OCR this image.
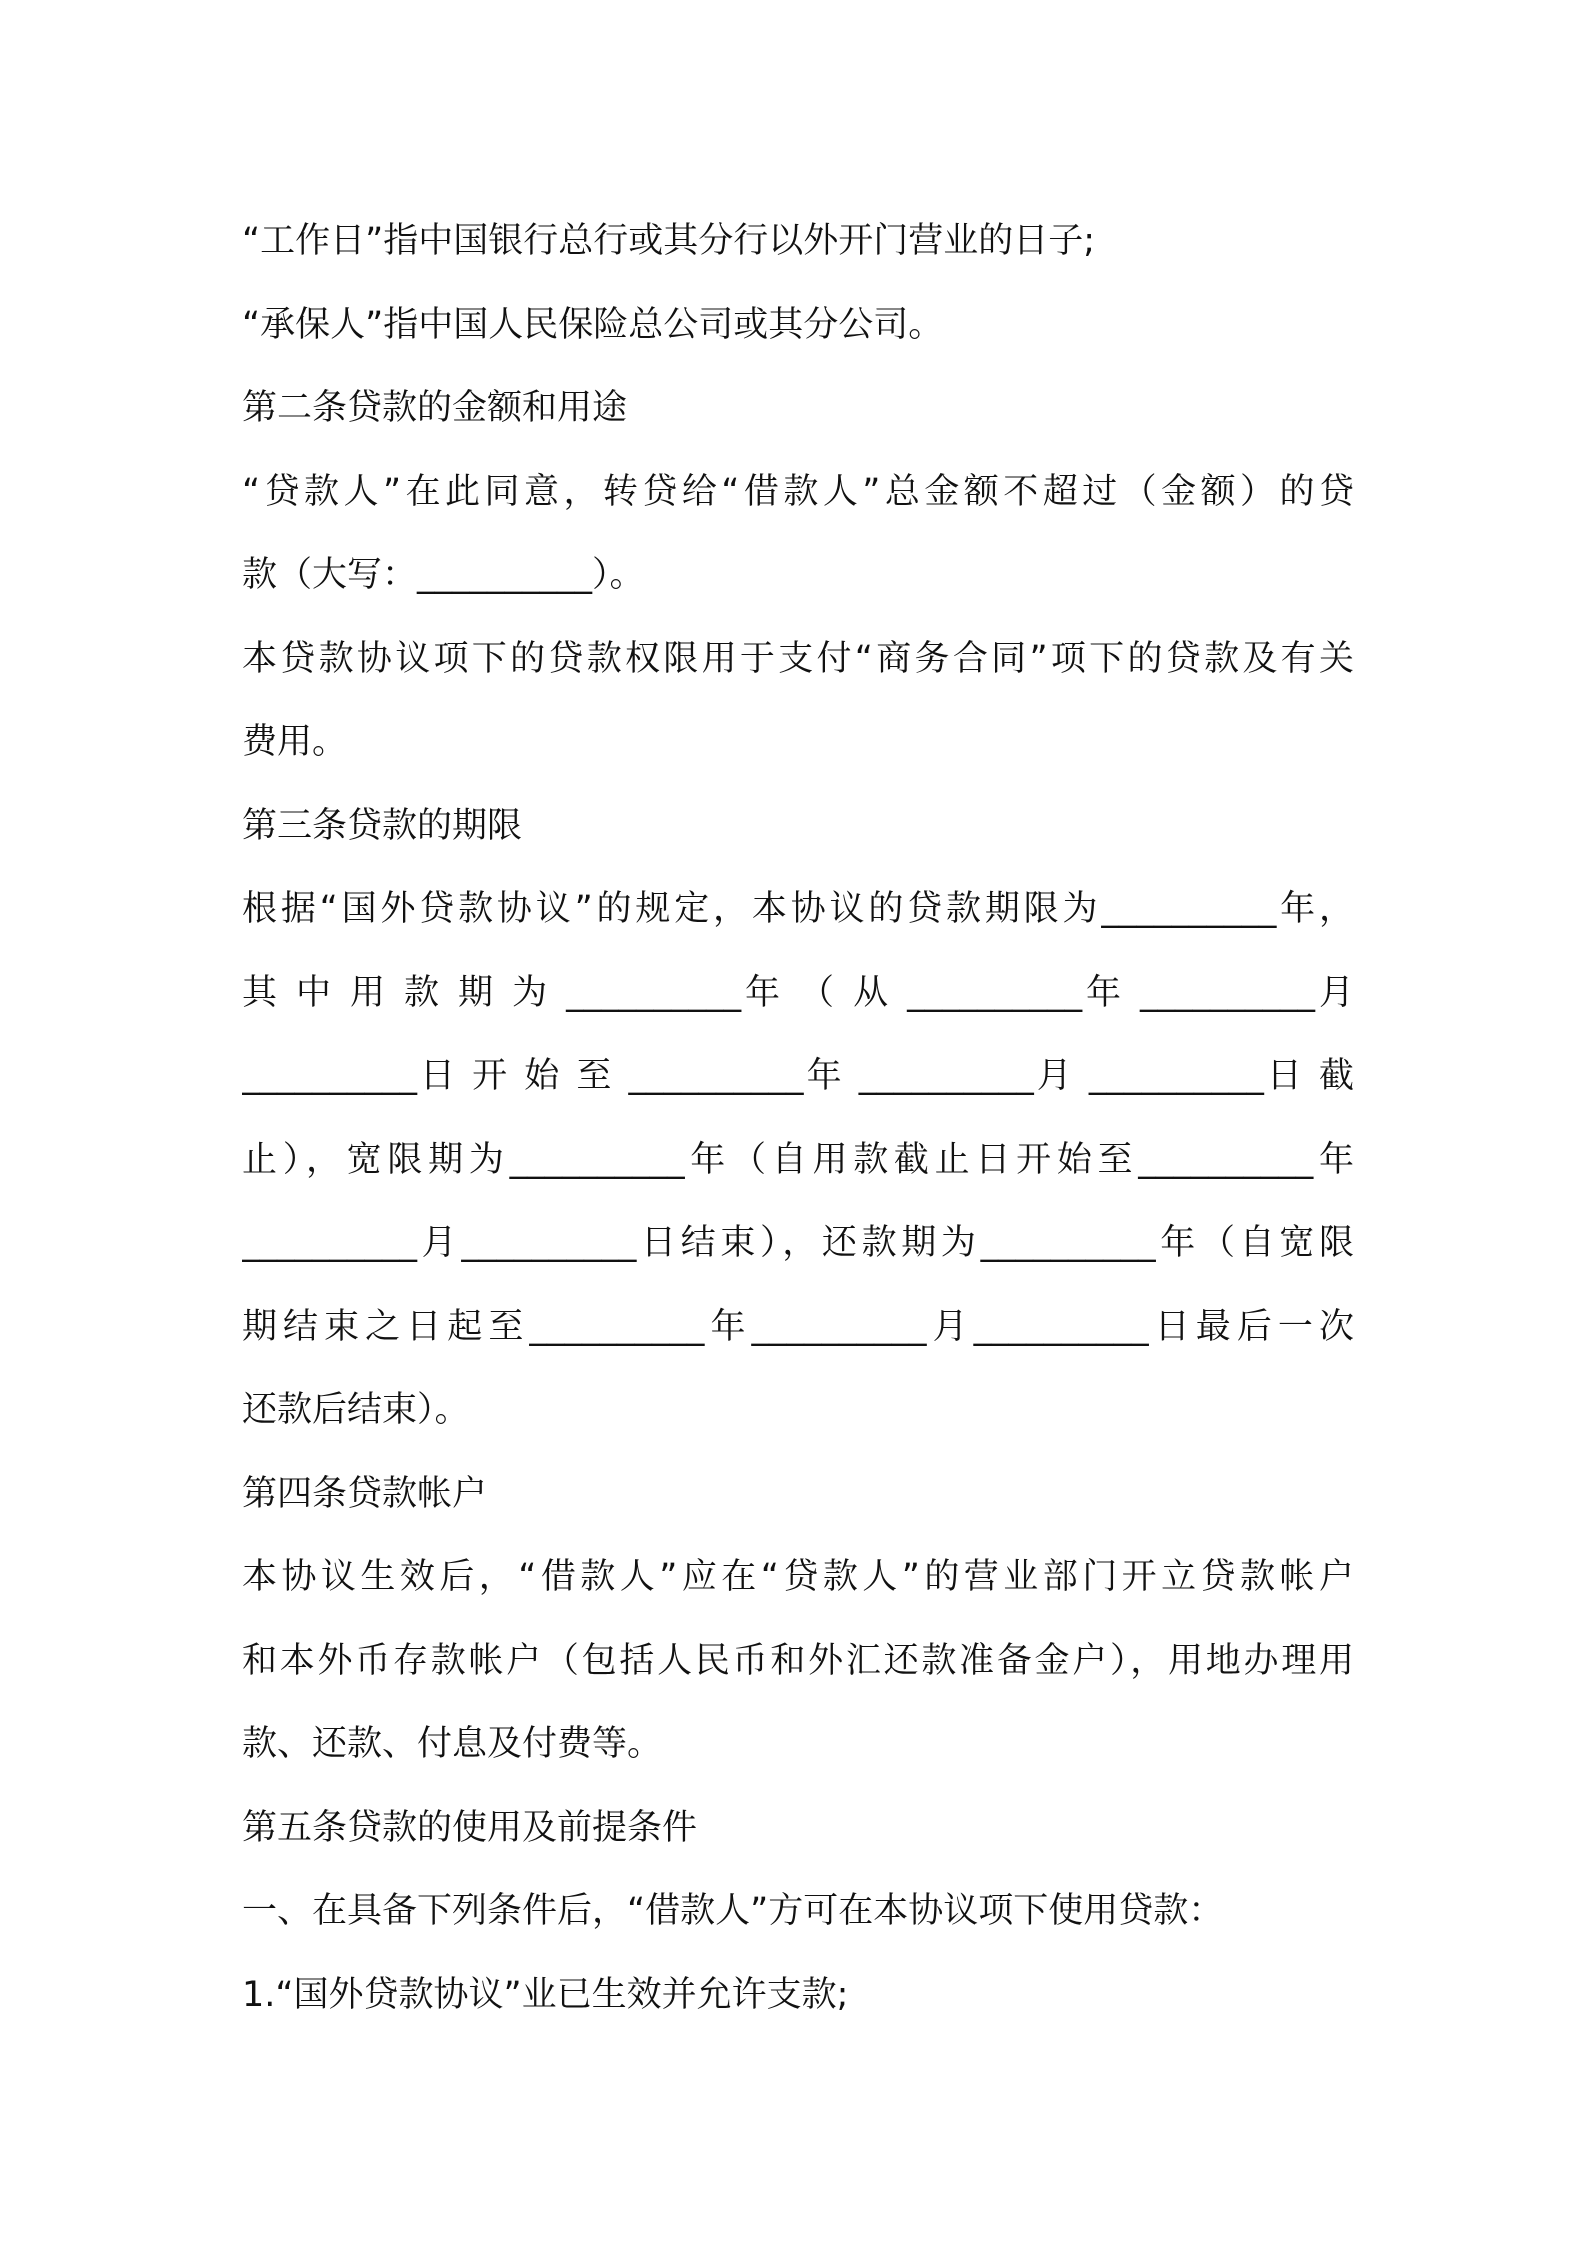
“工作日”指中国银行总行或其分行以外开门营业的日子;
“承保人”指中国人民保险总公司或其分公司。
第二条贷款的金额和用途
“贷款人”在此同意，转贷给“借款人”总金额不超过（金额）的贷
款（大写：__________）。
本贷款协议项下的贷款权限用于支付“商务合同”项下的贷款及有关
费用。
第三条贷款的期限
根据“国外贷款协议”的规定，本协议的贷款期限为__________年，
其 中 用 款 期 为 __________年 （ 从 __________年 __________月
__________日 开 始 至 __________年 __________月 __________日 截
止），宽限期为__________年（自用款截止日开始至__________年
__________月__________日结束），还款期为__________年（自宽限
期结束之日起至__________年__________月__________日最后一次
还款后结束）。
第四条贷款帐户
本协议生效后，“借款人”应在“贷款人”的营业部门开立贷款帐户
和本外币存款帐户（包括人民币和外汇还款准备金户），用地办理用
款、还款、付息及付费等。
第五条贷款的使用及前提条件
一、在具备下列条件后，“借款人”方可在本协议项下使用贷款：
1.“国外贷款协议”业已生效并允许支款;
